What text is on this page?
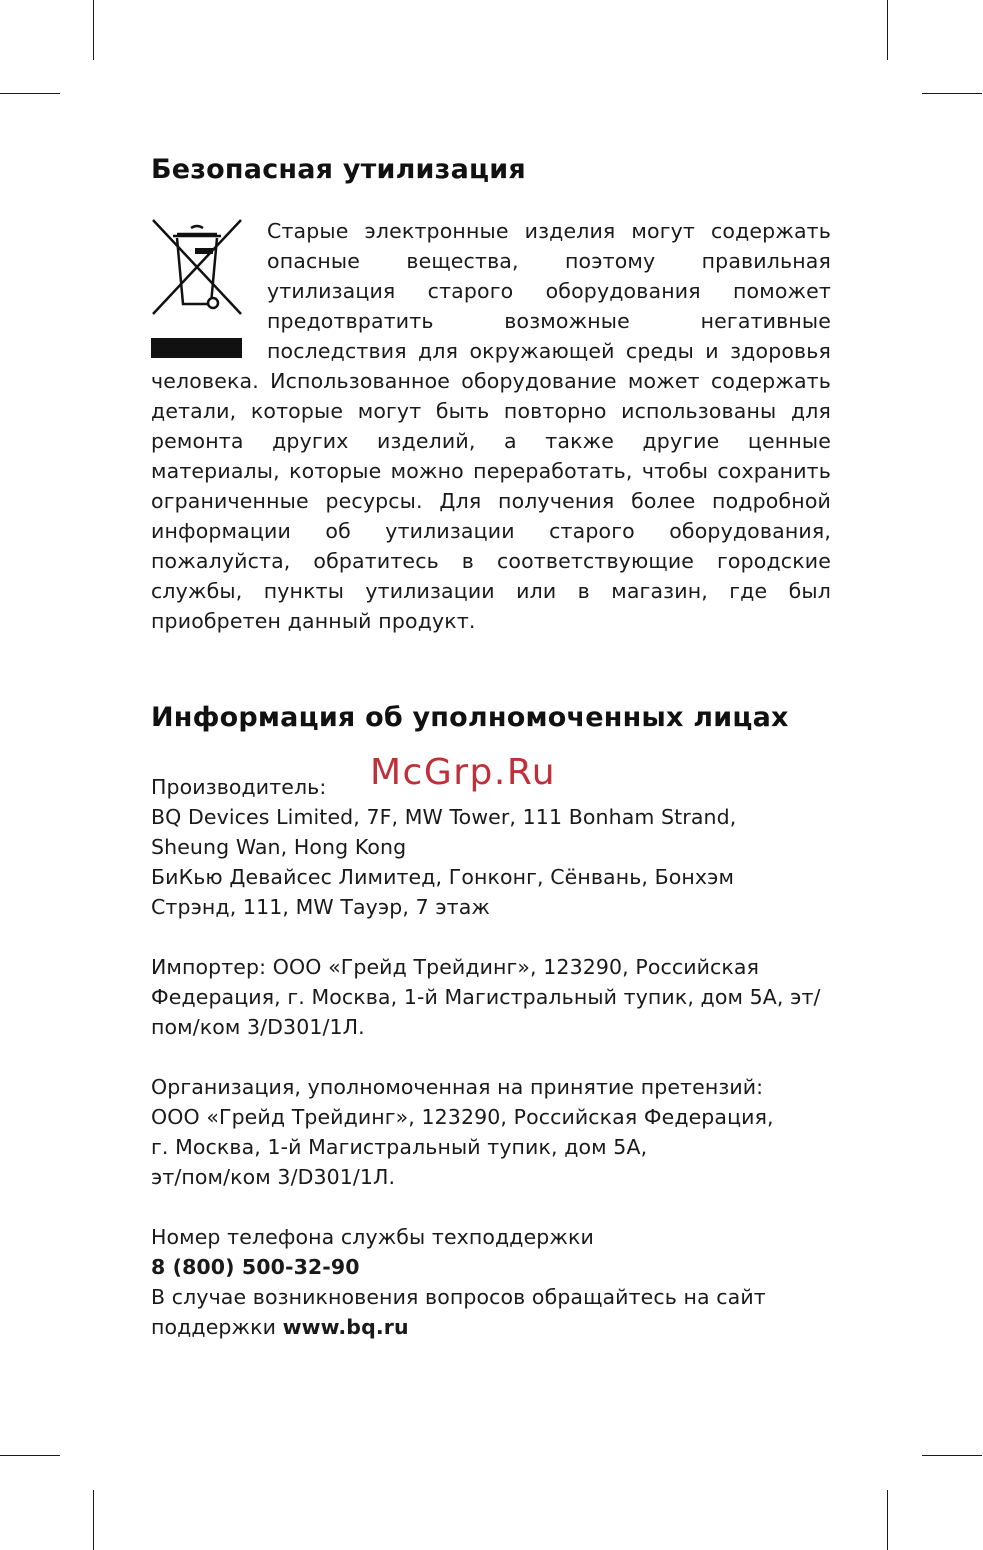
Безопасная утилизация
Старые электронные изделия могут содержать опасные вещества, поэтому правильная утилизация старого оборудования поможет предотвратить возможные негативные последствия для окружающей среды и здоровья человека. Использованное оборудование может содержать детали, которые могут быть повторно использованы для ремонта других изделий, а также другие ценные материалы, которые можно переработать, чтобы сохранить ограниченные ресурсы. Для получения более подробной информации об утилизации старого оборудования, пожалуйста, обратитесь в соответствующие городские службы, пункты утилизации или в магазин, где был приобретен данный продукт.
Информация об уполномоченных лицах

Производитель:
BQ Devices Limited, 7F, MW Tower, 111 Bonham Strand,
Sheung Wan, Hong Kong
БиКью Девайсес Лимитед, Гонконг, Сёнвань, Бонхэм
Стрэнд, 111, MW Тауэр, 7 этаж

Импортер: ООО «Грейд Трейдинг», 123290, Российская Федерация, г. Москва, 1-й Магистральный тупик, дом 5А, эт/пом/ком 3/D301/1Л.

Организация, уполномоченная на принятие претензий:
ООО «Грейд Трейдинг», 123290, Российская Федерация,
г. Москва, 1-й Магистральный тупик, дом 5А,
эт/пом/ком 3/D301/1Л.

Номер телефона службы техподдержки
8 (800) 500-32-90
В случае возникновения вопросов обращайтесь на сайт
поддержки www.bq.ru

McGrp.Ru
